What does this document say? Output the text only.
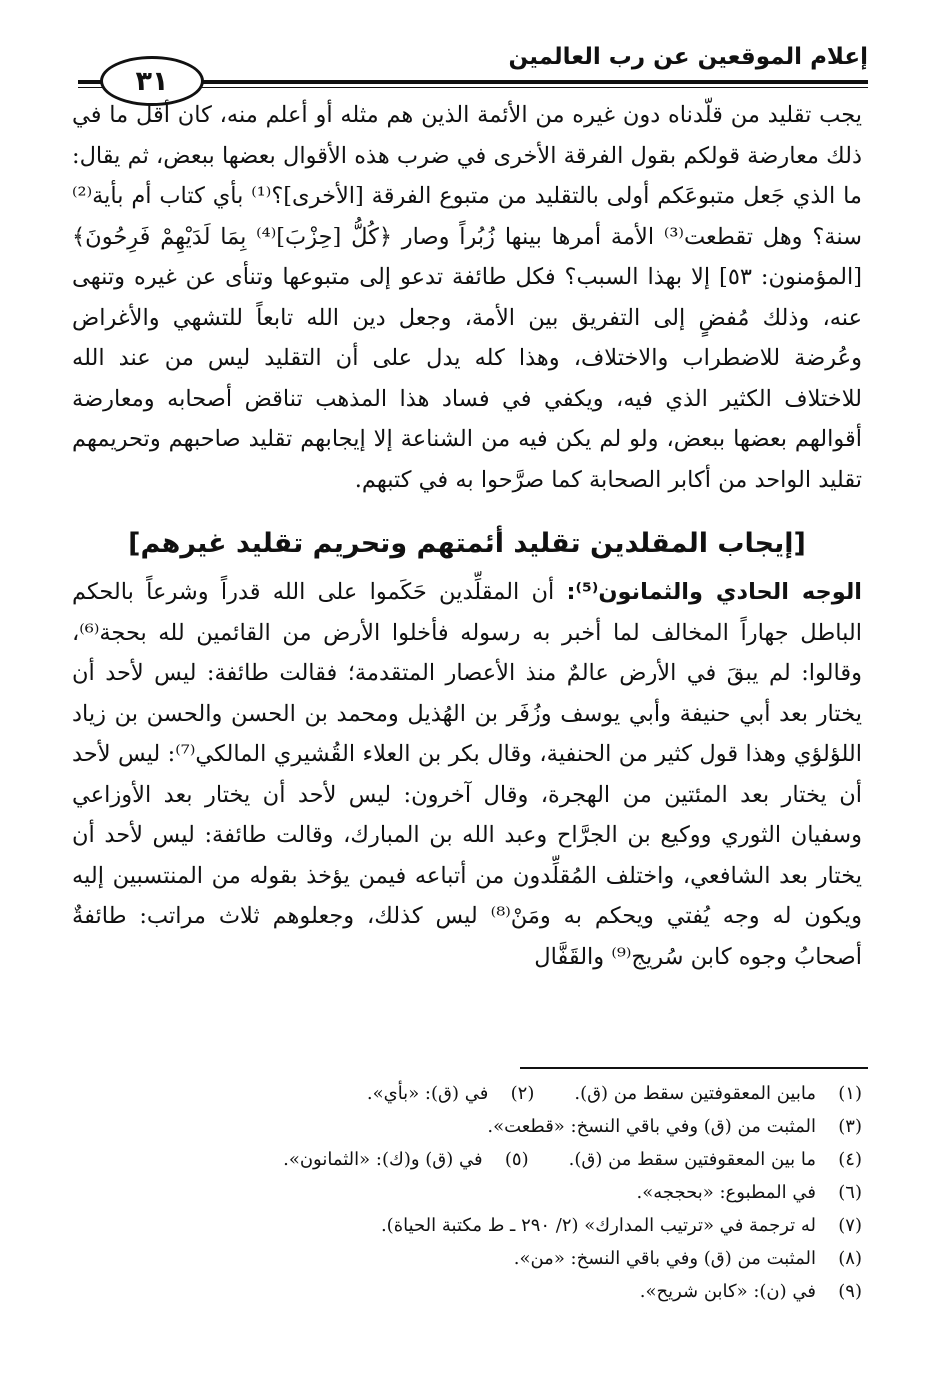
إعلام الموقعين عن رب العالمين
٣١

يجب تقليد من قلّدناه دون غيره من الأئمة الذين هم مثله أو أعلم منه، كان أقل ما في ذلك معارضة قولكم بقول الفرقة الأخرى في ضرب هذه الأقوال بعضها ببعض، ثم يقال: ما الذي جَعل متبوعَكم أولى بالتقليد من متبوع الفرقة [الأخرى]؟⁽¹⁾ بأي كتاب أم بأية⁽²⁾ سنة؟ وهل تقطعت⁽³⁾ الأمة أمرها بينها زُبُراً وصار ﴿كُلُّ [حِزْبَ]⁽⁴⁾ بِمَا لَدَيْهِمْ فَرِحُونَ﴾ [المؤمنون: ٥٣] إلا بهذا السبب؟ فكل طائفة تدعو إلى متبوعها وتنأى عن غيره وتنهى عنه، وذلك مُفضٍ إلى التفريق بين الأمة، وجعل دين الله تابعاً للتشهي والأغراض وعُرضة للاضطراب والاختلاف، وهذا كله يدل على أن التقليد ليس من عند الله للاختلاف الكثير الذي فيه، ويكفي في فساد هذا المذهب تناقض أصحابه ومعارضة أقوالهم بعضها ببعض، ولو لم يكن فيه من الشناعة إلا إيجابهم تقليد صاحبهم وتحريمهم تقليد الواحد من أكابر الصحابة كما صرَّحوا به في كتبهم.

[إيجاب المقلدين تقليد أئمتهم وتحريم تقليد غيرهم]

الوجه الحادي والثمانون⁽⁵⁾: أن المقلِّدين حَكَموا على الله قدراً وشرعاً بالحكم الباطل جهاراً المخالف لما أخبر به رسوله فأخلوا الأرض من القائمين لله بحجة⁽⁶⁾، وقالوا: لم يبقَ في الأرض عالمٌ منذ الأعصار المتقدمة؛ فقالت طائفة: ليس لأحد أن يختار بعد أبي حنيفة وأبي يوسف وزُفَر بن الهُذيل ومحمد بن الحسن والحسن بن زياد اللؤلؤي وهذا قول كثير من الحنفية، وقال بكر بن العلاء القُشيري المالكي⁽⁷⁾: ليس لأحد أن يختار بعد المئتين من الهجرة، وقال آخرون: ليس لأحد أن يختار بعد الأوزاعي وسفيان الثوري ووكيع بن الجرَّاح وعبد الله بن المبارك، وقالت طائفة: ليس لأحد أن يختار بعد الشافعي، واختلف المُقلِّدون من أتباعه فيمن يؤخذ بقوله من المنتسبين إليه ويكون له وجه يُفتي ويحكم به ومَنْ⁽⁸⁾ ليس كذلك، وجعلوهم ثلاث مراتب: طائفةٌ أصحابُ وجوه كابن سُريج⁽⁹⁾ والقَفَّال

(١)
مابين المعقوفتين سقط من (ق).
(٢)
في (ق): «بأي».
(٣)
المثبت من (ق) وفي باقي النسخ: «قطعت».
(٤)
ما بين المعقوفتين سقط من (ق).
(٥)
في (ق) و(ك): «الثمانون».
(٦)
في المطبوع: «بحججه».
(٧)
له ترجمة في «ترتيب المدارك» (٢/ ٢٩٠ ـ ط مكتبة الحياة).
(٨)
المثبت من (ق) وفي باقي النسخ: «من».
(٩)
في (ن): «كابن شريح».
